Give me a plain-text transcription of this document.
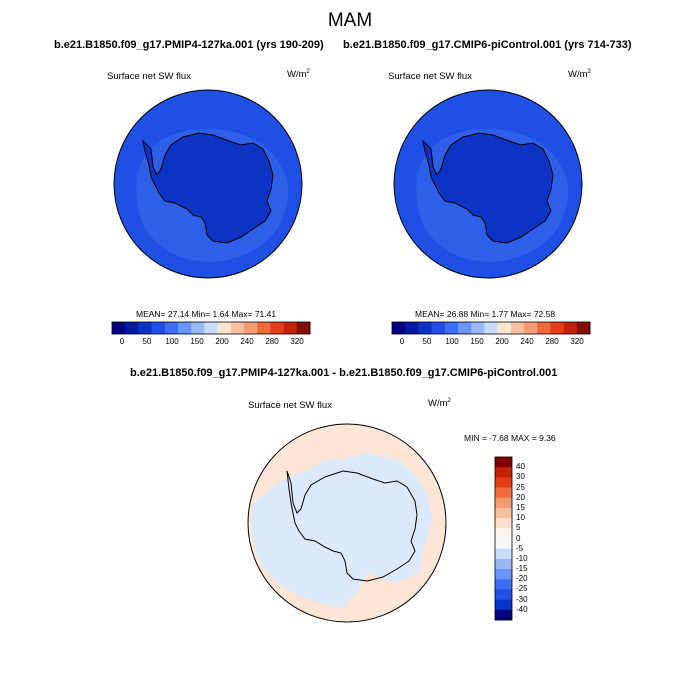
MAM
b.e21.B1850.f09_g17.PMIP4-127ka.001 (yrs 190-209)
Surface net SW flux	$W/m^2$
b.e21.B1850.f09_g17.CMIP6-piControl.001 (yrs 714-733)
Surface net SW flux	$W/m^2$
MEAN= 27.14 Min= 1.64 Max= 71.41	MEAN= 26.88 Min= 1.77 Max= 72.58
0 50 100 150 200 240 280 320	0 50 100 150 200 240 280 320
b.e21.B1850.f09_g17.PMIP4-127ka.001 - b.e21.B1850.f09_g17.CMIP6-piControl.001
Surface net SW flux	$W/m^2$
MIN = -7.68 MAX = 9.36
40
30
25
20
15
10
5
0
-5
-10
-15
-20
-25
-30
-40
